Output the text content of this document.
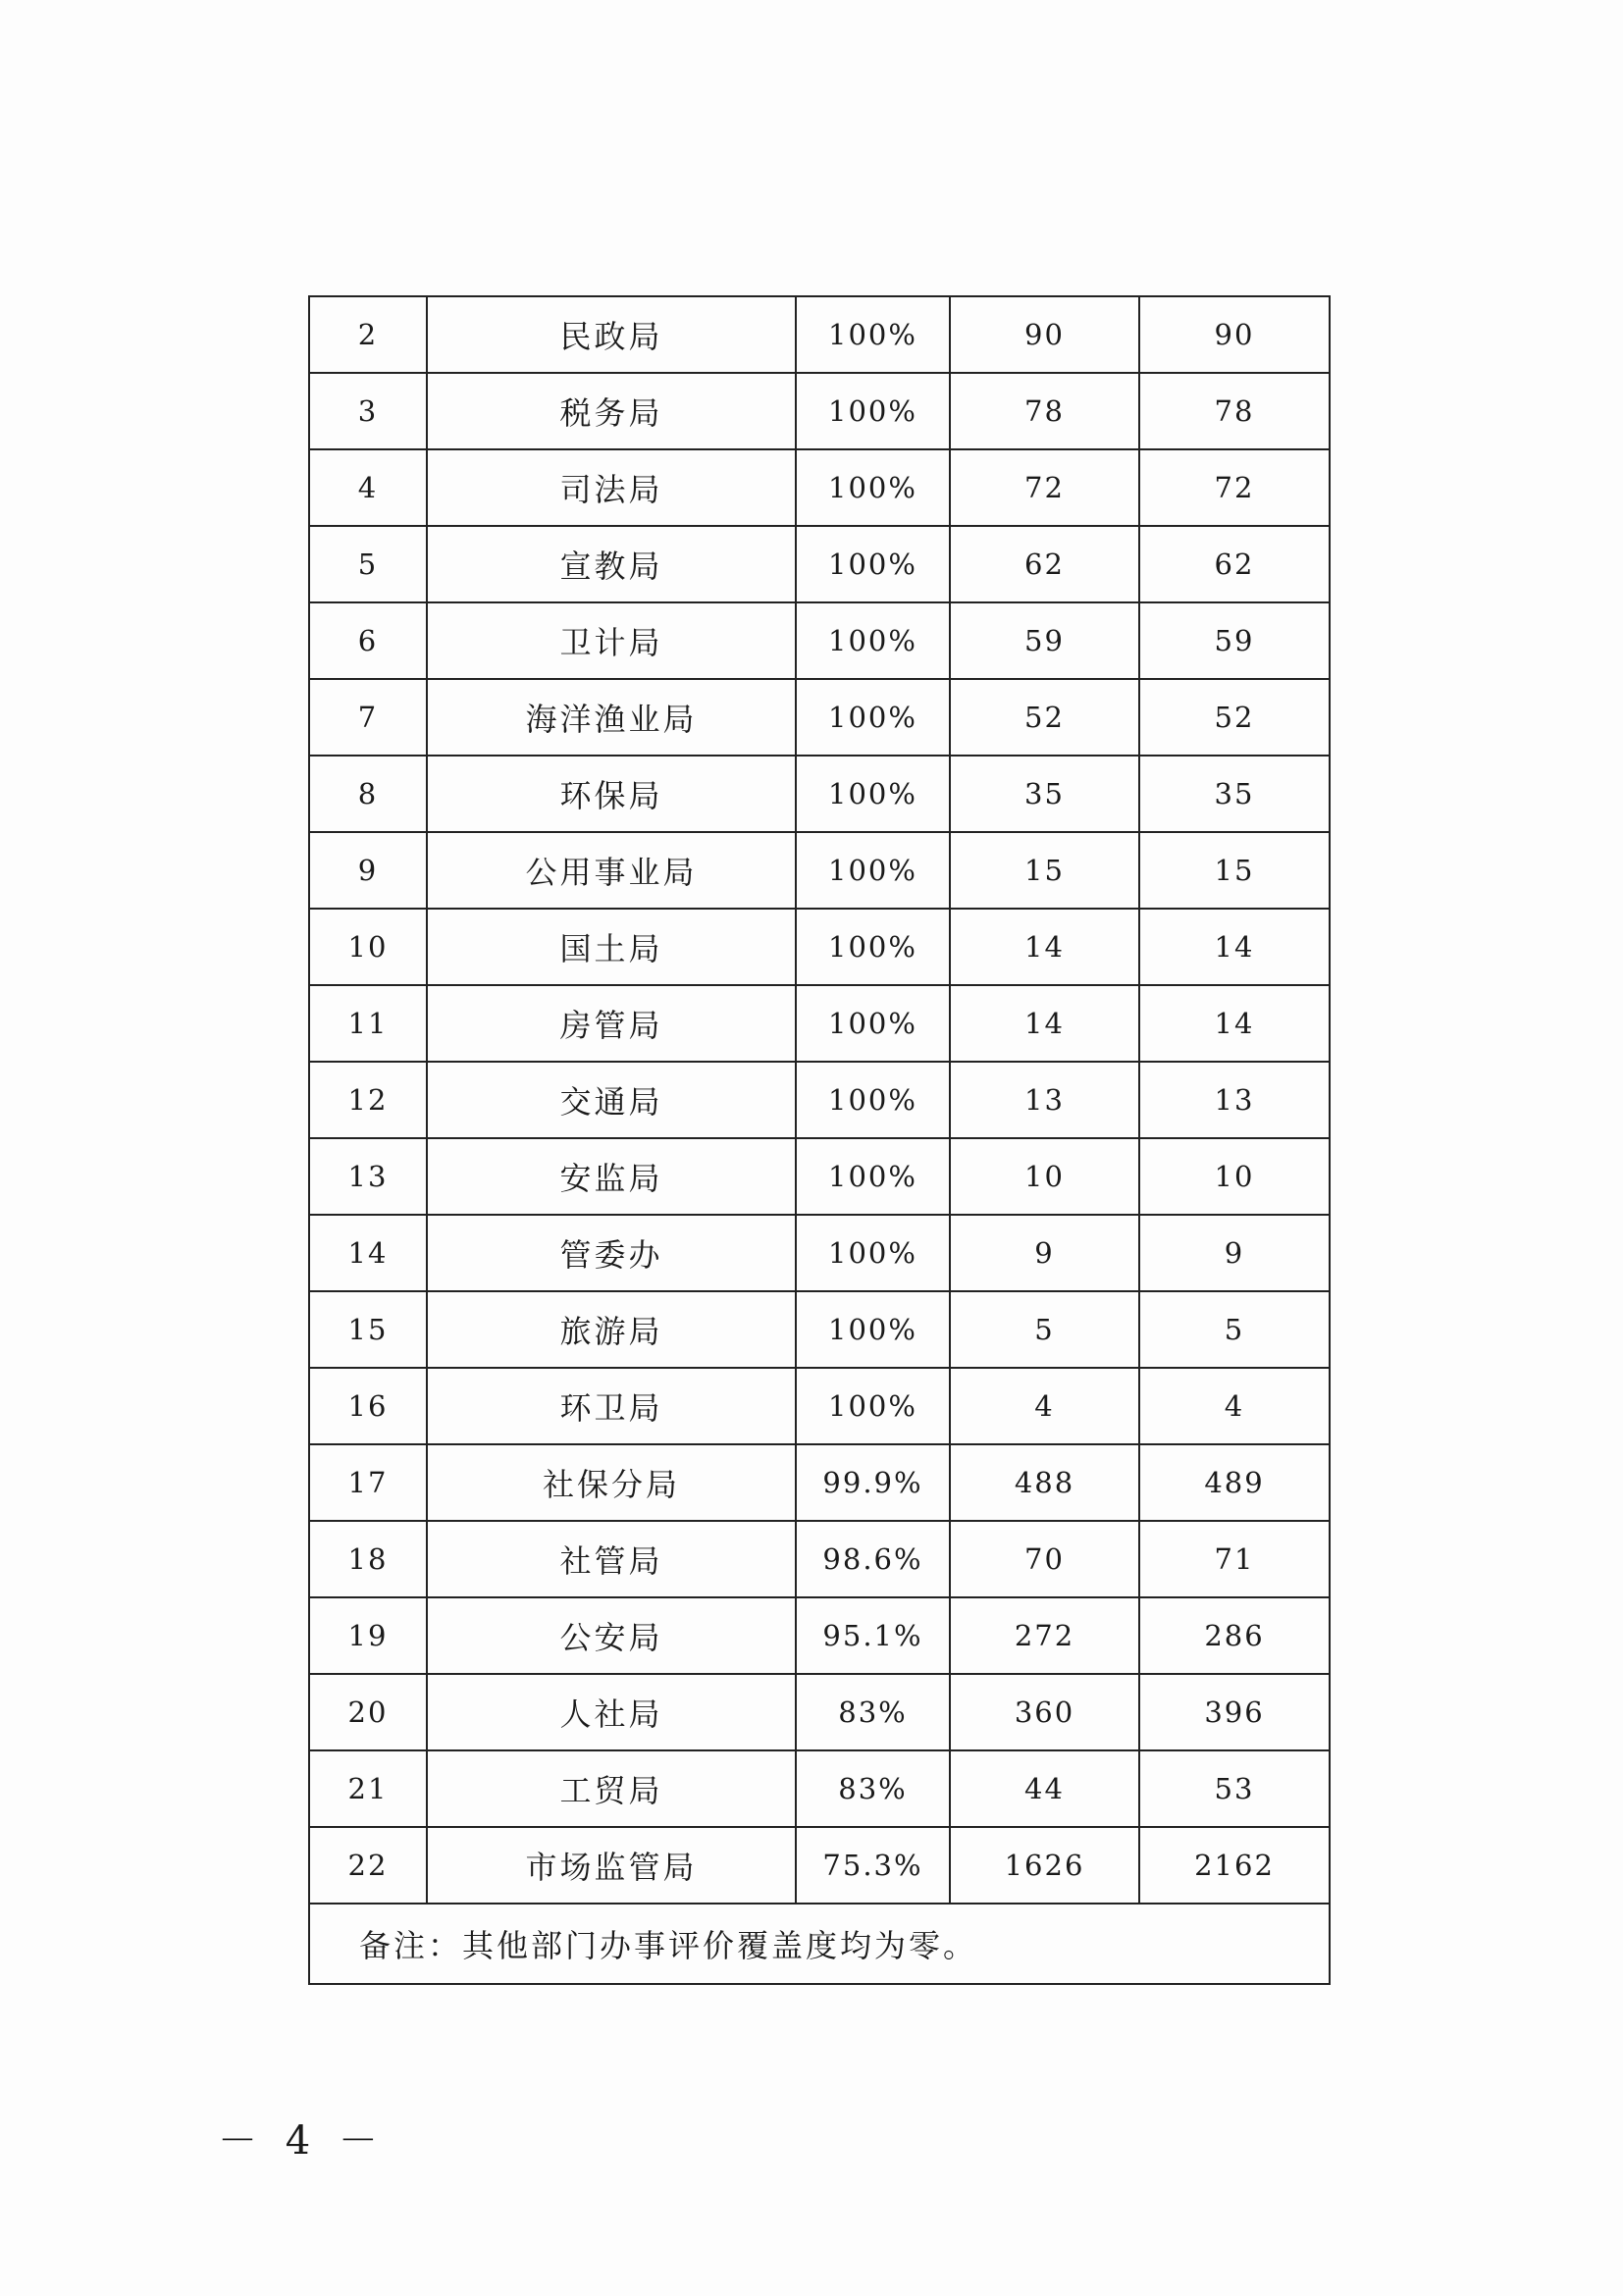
2	民政局	100%	90	90
3	税务局	100%	78	78
4	司法局	100%	72	72
5	宣教局	100%	62	62
6	卫计局	100%	59	59
7	海洋渔业局	100%	52	52
8	环保局	100%	35	35
9	公用事业局	100%	15	15
10	国土局	100%	14	14
11	房管局	100%	14	14
12	交通局	100%	13	13
13	安监局	100%	10	10
14	管委办	100%	9	9
15	旅游局	100%	5	5
16	环卫局	100%	4	4
17	社保分局	99.9%	488	489
18	社管局	98.6%	70	71
19	公安局	95.1%	272	286
20	人社局	83%	360	396
21	工贸局	83%	44	53
22	市场监管局	75.3%	1626	2162
备注：其他部门办事评价覆盖度均为零。				
－ 4 －
